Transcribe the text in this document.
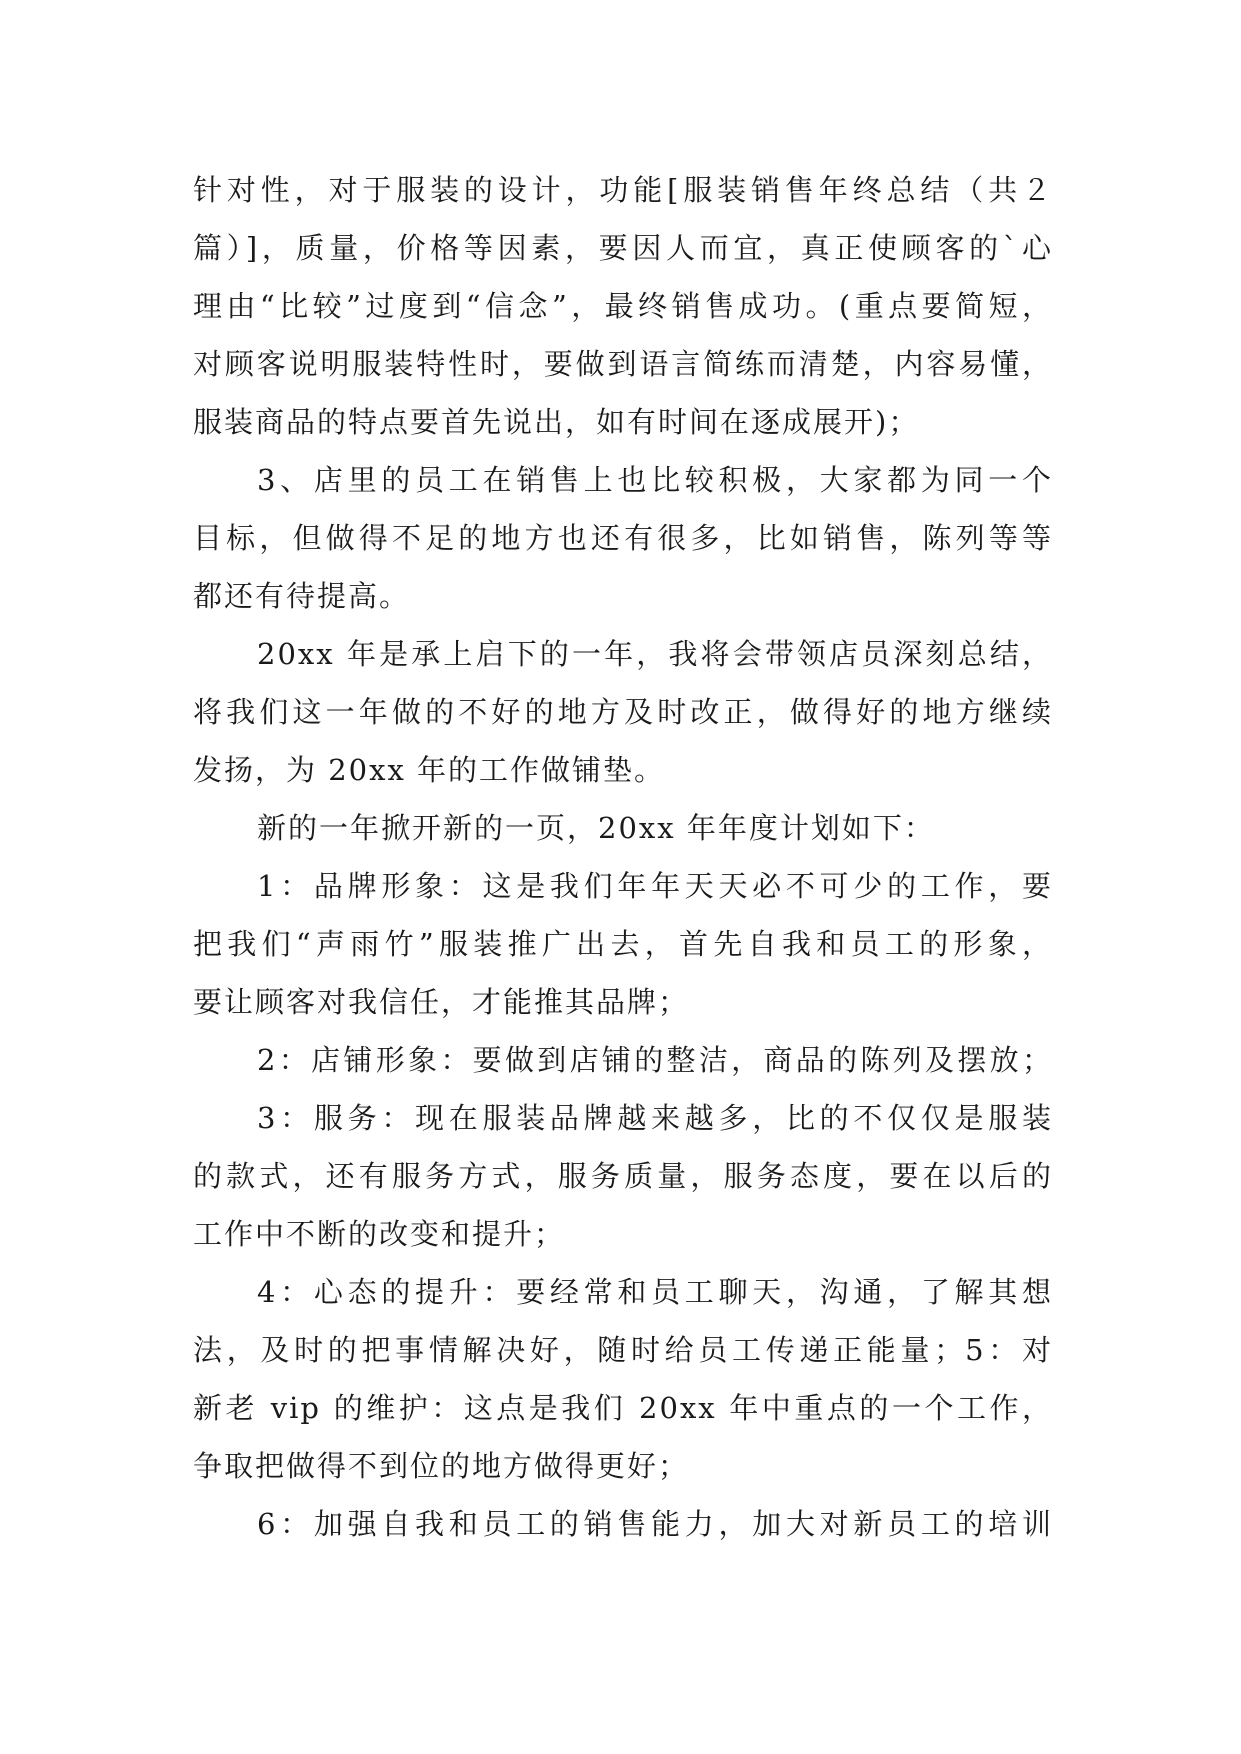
针对性，对于服装的设计，功能[服装销售年终总结（共２
篇）]，质量，价格等因素，要因人而宜，真正使顾客的`心
理由“比较”过度到“信念”，最终销售成功。(重点要简短，
对顾客说明服装特性时，要做到语言简练而清楚，内容易懂，
服装商品的特点要首先说出，如有时间在逐成展开)；
3、店里的员工在销售上也比较积极，大家都为同一个
目标，但做得不足的地方也还有很多，比如销售，陈列等等
都还有待提高。
20xx 年是承上启下的一年，我将会带领店员深刻总结，
将我们这一年做的不好的地方及时改正，做得好的地方继续
发扬，为 20xx 年的工作做铺垫。
新的一年掀开新的一页，20xx 年年度计划如下：
1：品牌形象：这是我们年年天天必不可少的工作，要
把我们“声雨竹”服装推广出去，首先自我和员工的形象，
要让顾客对我信任，才能推其品牌；
2：店铺形象：要做到店铺的整洁，商品的陈列及摆放；
3：服务：现在服装品牌越来越多，比的不仅仅是服装
的款式，还有服务方式，服务质量，服务态度，要在以后的
工作中不断的改变和提升；
4：心态的提升：要经常和员工聊天，沟通，了解其想
法，及时的把事情解决好，随时给员工传递正能量；5：对
新老 vip 的维护：这点是我们 20xx 年中重点的一个工作，
争取把做得不到位的地方做得更好；
6：加强自我和员工的销售能力，加大对新员工的培训
